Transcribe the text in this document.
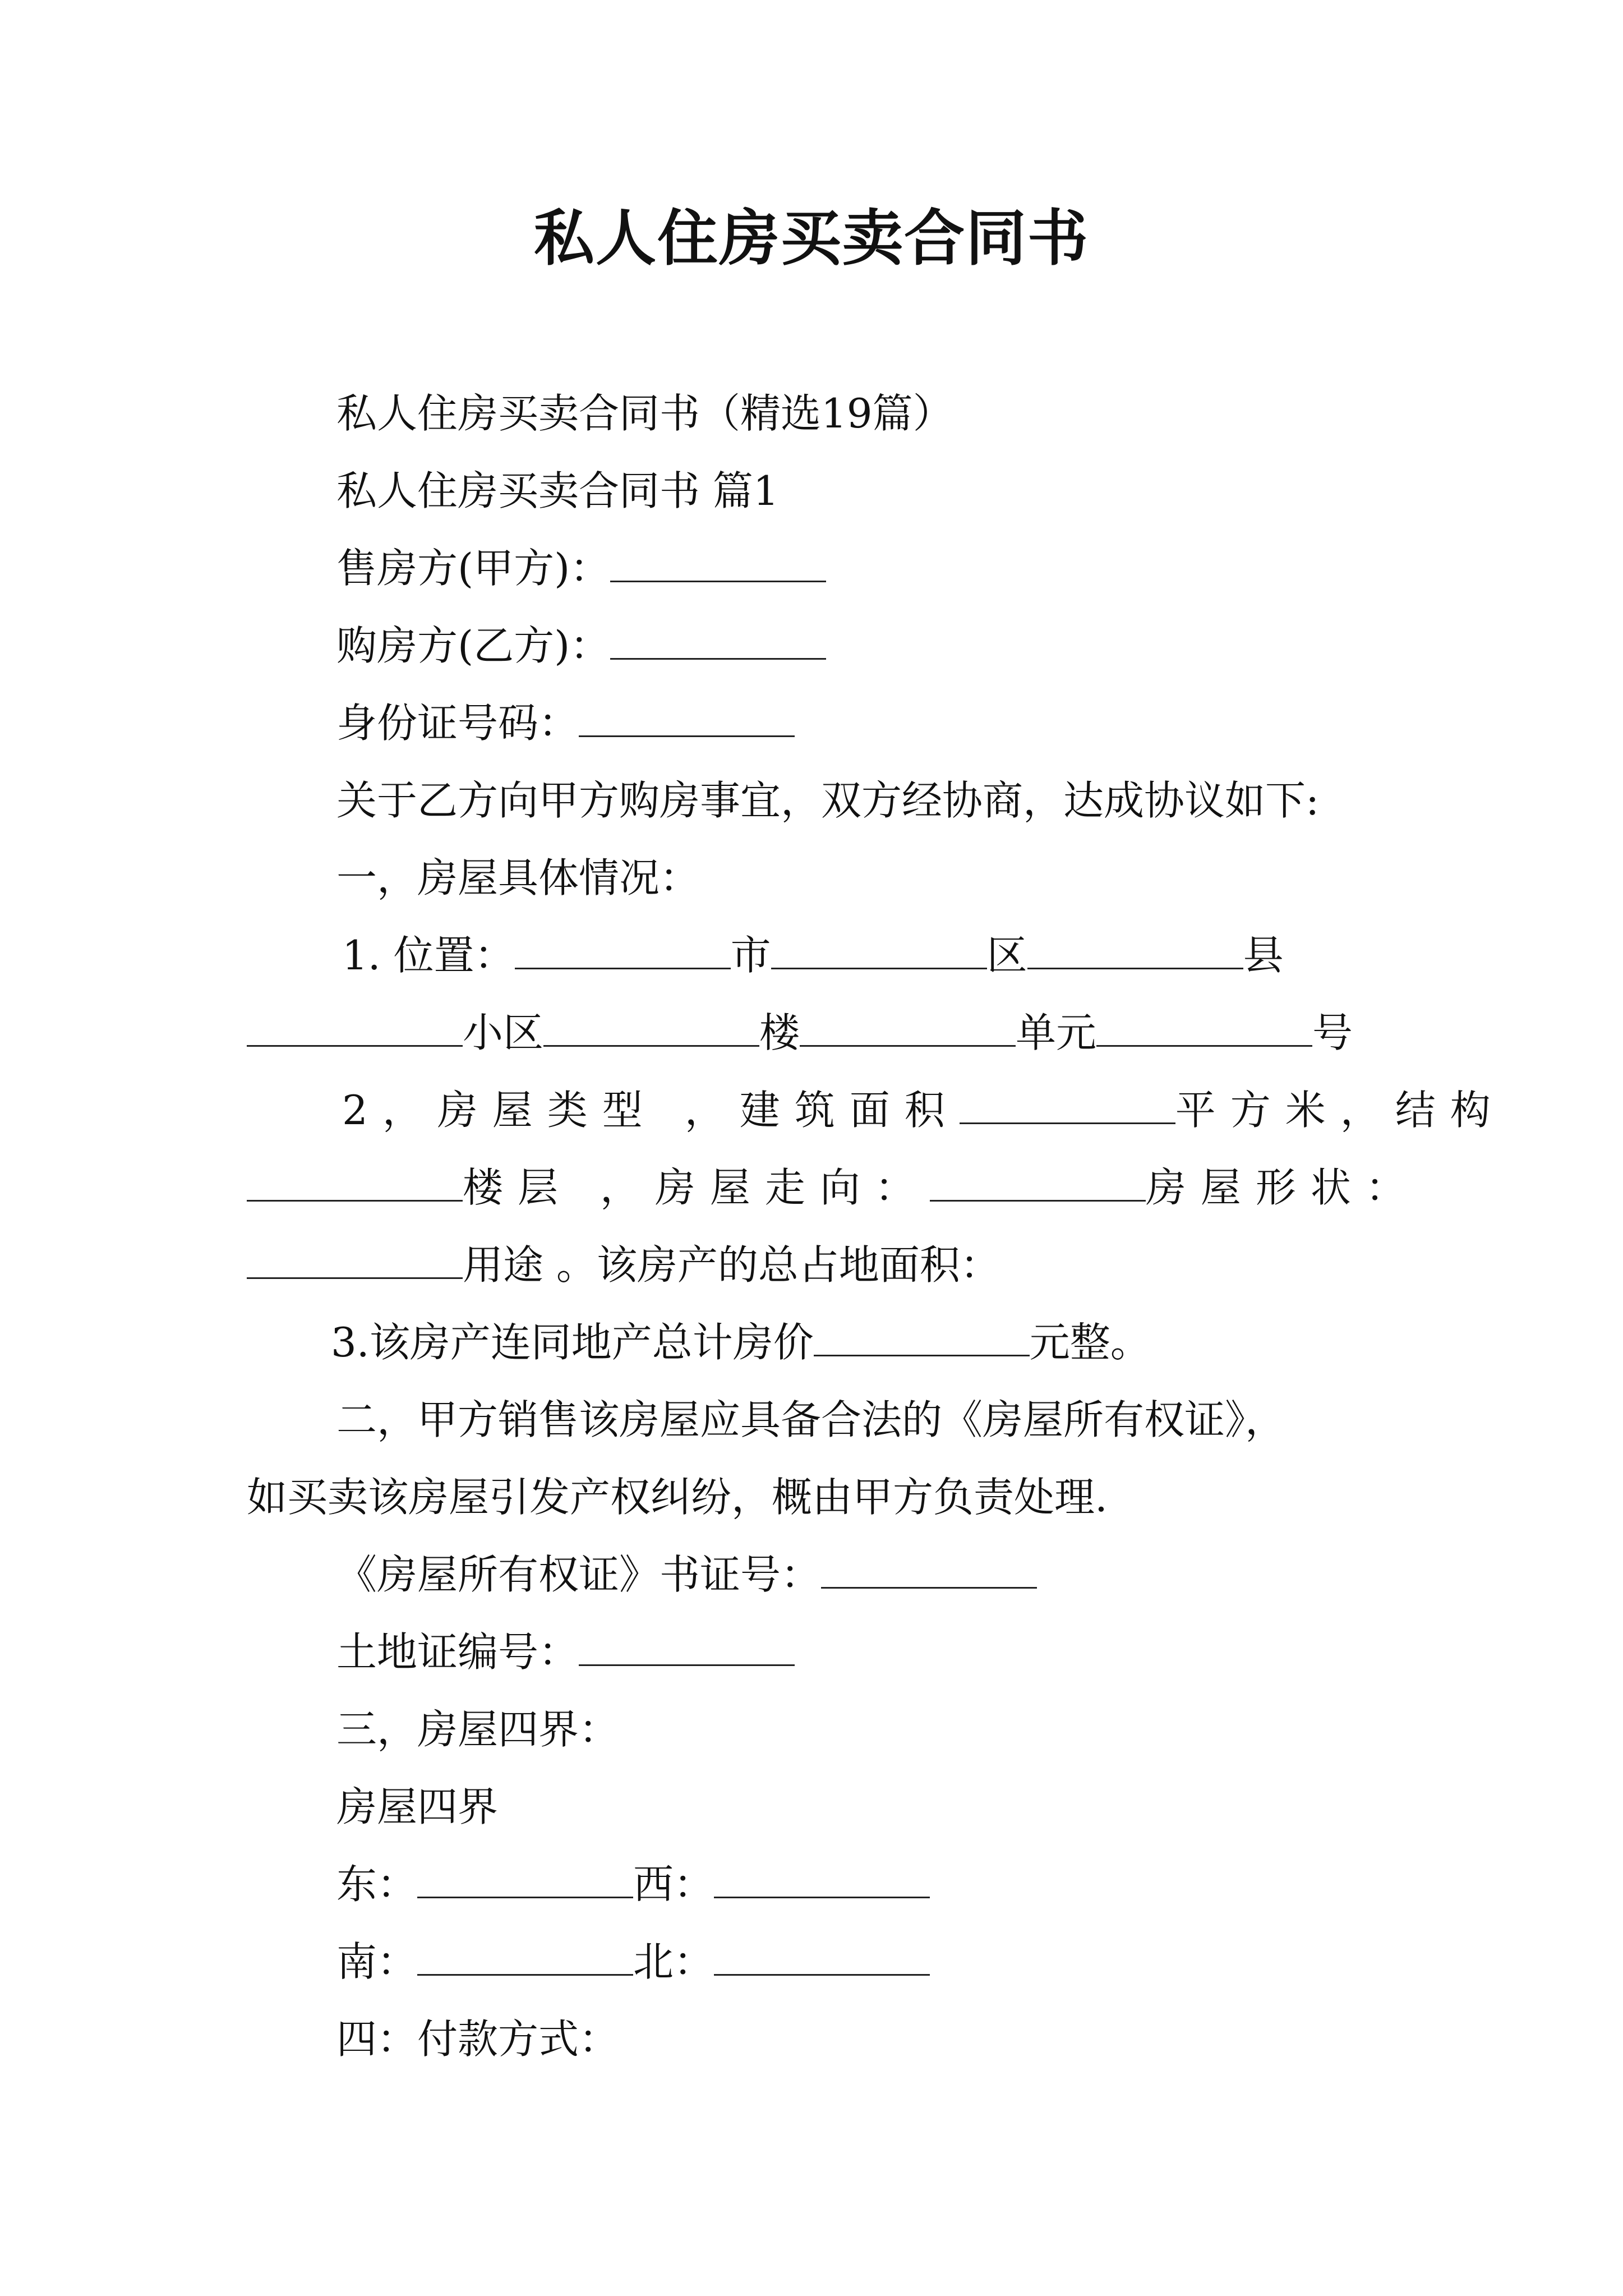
私人住房买卖合同书
私人住房买卖合同书（精选19篇）
私人住房买卖合同书 篇1
售房方(甲方)：
购房方(乙方)：
身份证号码：
关于乙方向甲方购房事宜，双方经协商，达成协议如下:
一，房屋具体情况：
1. 位置：	市	区	县
小区	楼	单元	号
2，房屋类型 ，建筑面积	平方米，结构
楼层 ，房屋走向：	房屋形状：
用途 。该房产的总占地面积：
3.该房产连同地产总计房价	元整。
二，甲方销售该房屋应具备合法的《房屋所有权证》，
如买卖该房屋引发产权纠纷，概由甲方负责处理.
《房屋所有权证》书证号：
土地证编号：
三，房屋四界：
房屋四界
东：	西：
南：	北：
四：付款方式：
